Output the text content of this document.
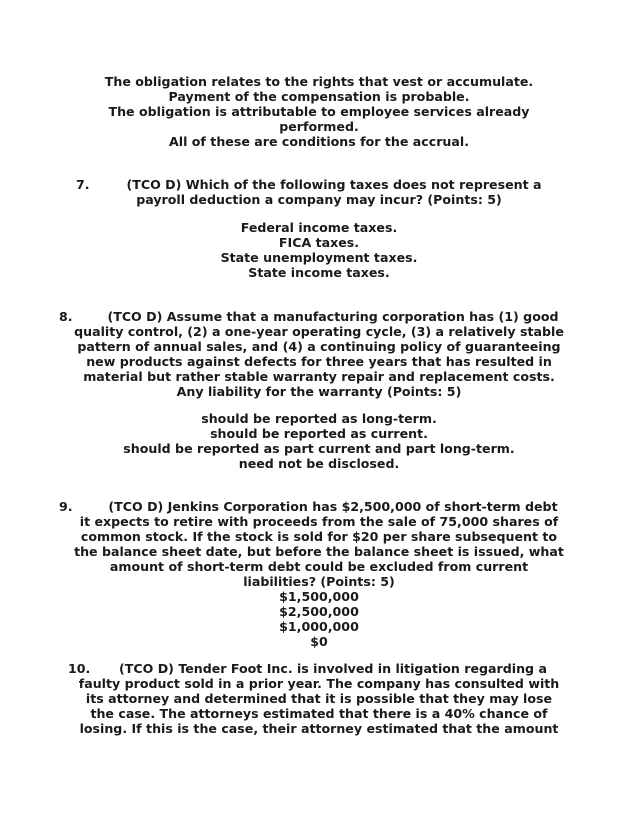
The obligation relates to the rights that vest or accumulate.
Payment of the compensation is probable.
The obligation is attributable to employee services already
performed.
All of these are conditions for the accrual.
7.	(TCO D) Which of the following taxes does not represent a
payroll deduction a company may incur? (Points: 5)
Federal income taxes.
FICA taxes.
State unemployment taxes.
State income taxes.
8.	(TCO D) Assume that a manufacturing corporation has (1) good
quality control, (2) a one-year operating cycle, (3) a relatively stable
pattern of annual sales, and (4) a continuing policy of guaranteeing
new products against defects for three years that has resulted in
material but rather stable warranty repair and replacement costs.
Any liability for the warranty (Points: 5)
should be reported as long-term.
should be reported as current.
should be reported as part current and part long-term.
need not be disclosed.
9.	(TCO D) Jenkins Corporation has $2,500,000 of short-term debt
it expects to retire with proceeds from the sale of 75,000 shares of
common stock. If the stock is sold for $20 per share subsequent to
the balance sheet date, but before the balance sheet is issued, what
amount of short-term debt could be excluded from current
liabilities? (Points: 5)
$1,500,000
$2,500,000
$1,000,000
$0
10.	(TCO D) Tender Foot Inc. is involved in litigation regarding a
faulty product sold in a prior year. The company has consulted with
its attorney and determined that it is possible that they may lose
the case. The attorneys estimated that there is a 40% chance of
losing. If this is the case, their attorney estimated that the amount
